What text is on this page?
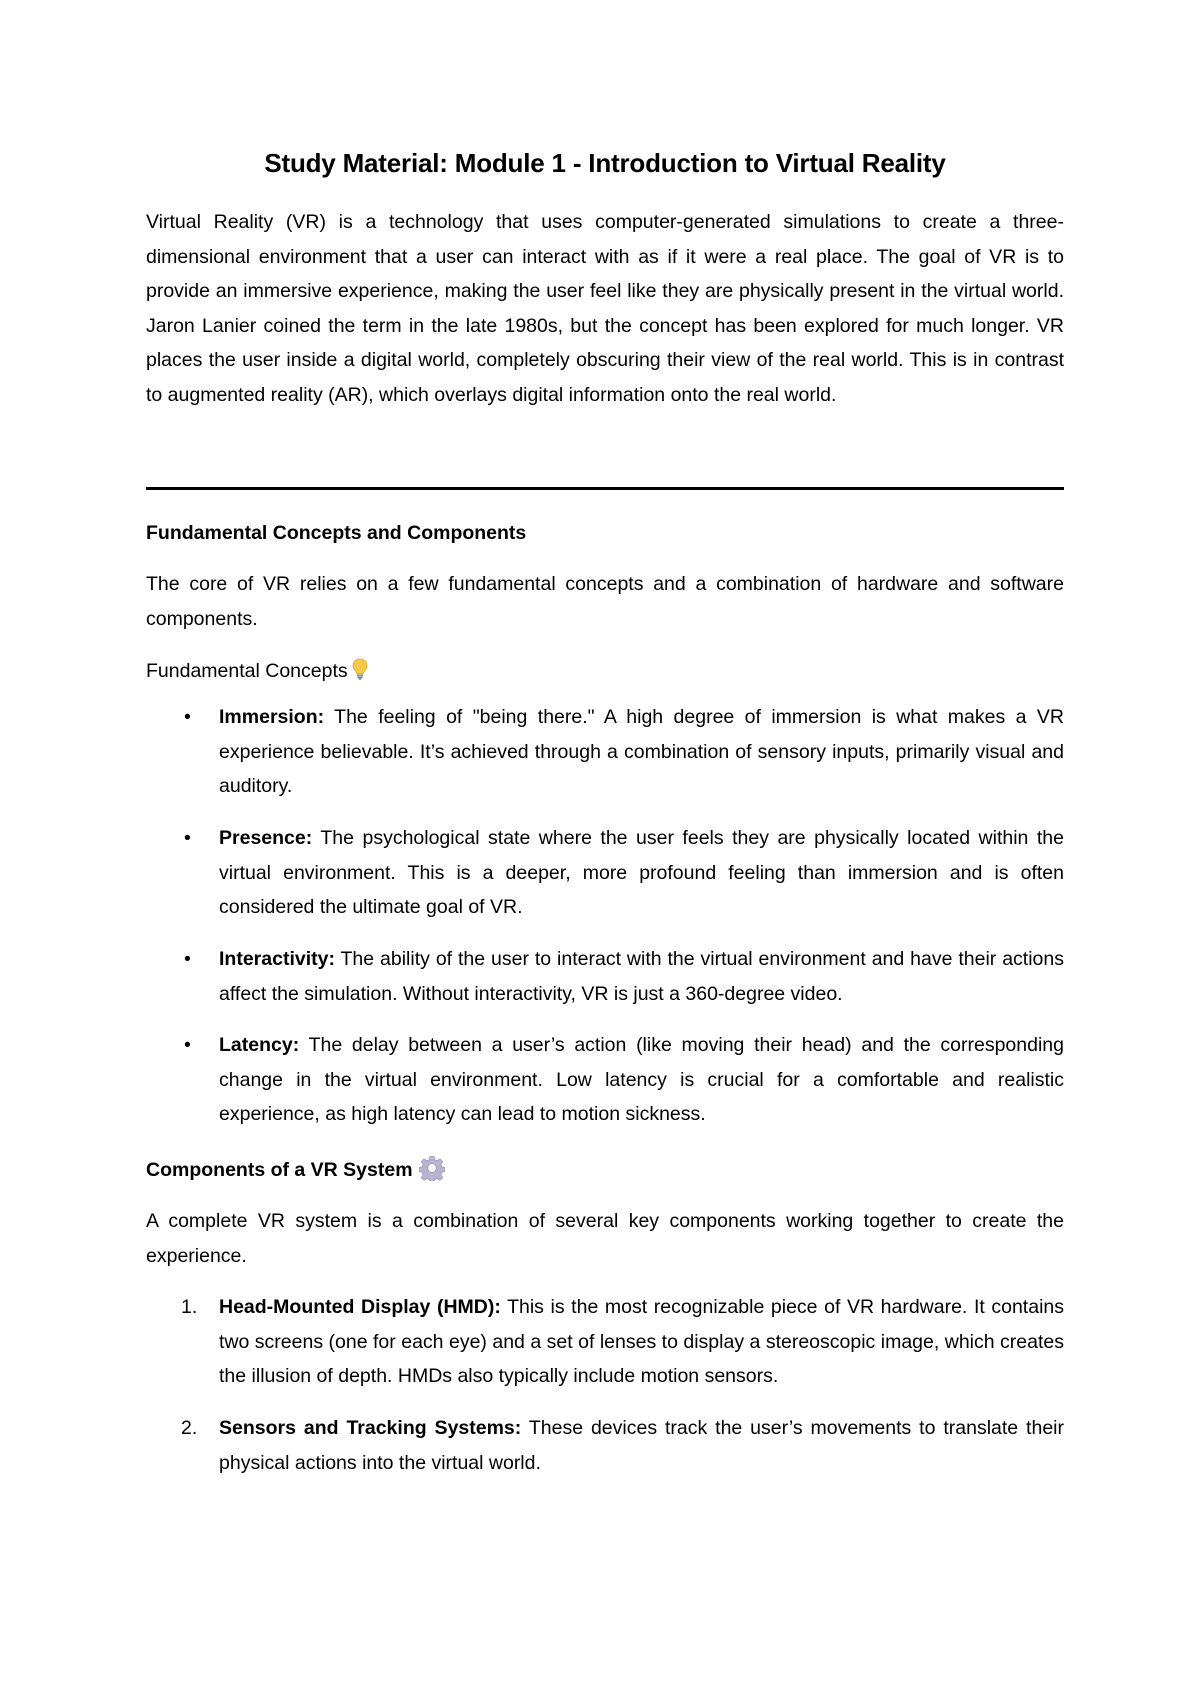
Study Material: Module 1 - Introduction to Virtual Reality

Virtual Reality (VR) is a technology that uses computer-generated simulations to create a three-dimensional environment that a user can interact with as if it were a real place. The goal of VR is to provide an immersive experience, making the user feel like they are physically present in the virtual world. Jaron Lanier coined the term in the late 1980s, but the concept has been explored for much longer. VR places the user inside a digital world, completely obscuring their view of the real world. This is in contrast to augmented reality (AR), which overlays digital information onto the real world.

Fundamental Concepts and Components

The core of VR relies on a few fundamental concepts and a combination of hardware and software components.

Fundamental Concepts
• Immersion: The feeling of "being there." A high degree of immersion is what makes a VR experience believable. It’s achieved through a combination of sensory inputs, primarily visual and auditory.

• Presence: The psychological state where the user feels they are physically located within the virtual environment. This is a deeper, more profound feeling than immersion and is often considered the ultimate goal of VR.

• Interactivity: The ability of the user to interact with the virtual environment and have their actions affect the simulation. Without interactivity, VR is just a 360-degree video.

• Latency: The delay between a user’s action (like moving their head) and the corresponding change in the virtual environment. Low latency is crucial for a comfortable and realistic experience, as high latency can lead to motion sickness.

Components of a VR System

A complete VR system is a combination of several key components working together to create the experience.

1. Head-Mounted Display (HMD): This is the most recognizable piece of VR hardware. It contains two screens (one for each eye) and a set of lenses to display a stereoscopic image, which creates the illusion of depth. HMDs also typically include motion sensors.

2. Sensors and Tracking Systems: These devices track the user’s movements to translate their physical actions into the virtual world.
